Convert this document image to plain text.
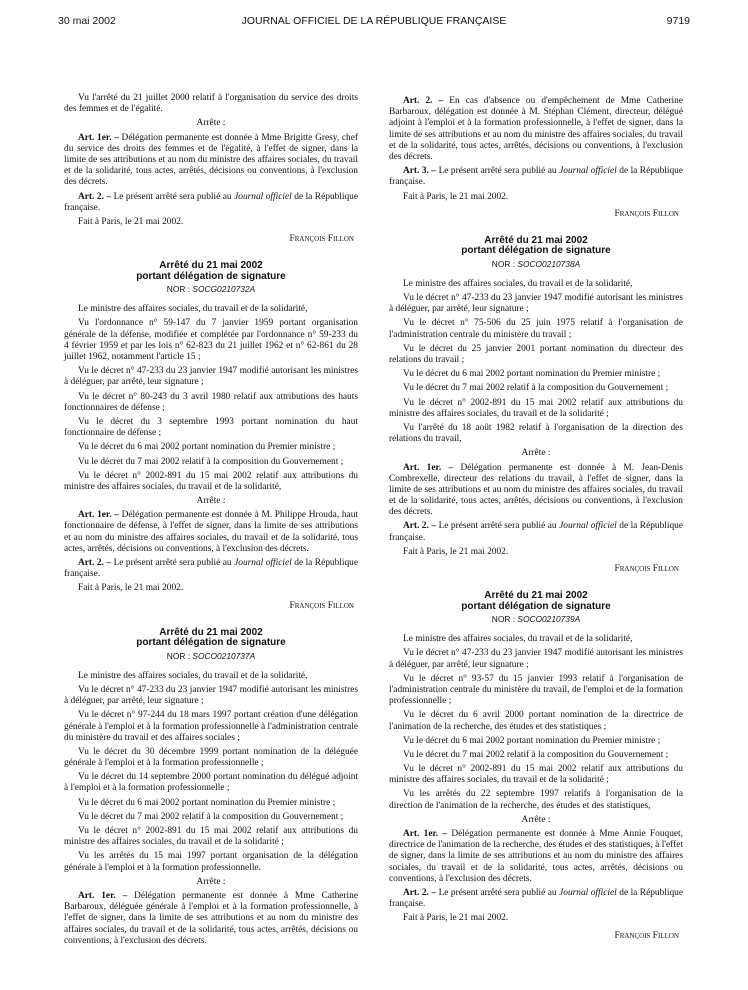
30 mai 2002	JOURNAL OFFICIEL DE LA RÉPUBLIQUE FRANÇAISE	9719

Vu l'arrêté du 21 juillet 2000 relatif à l'organisation du service des droits des femmes et de l'égalité.

Arrête :

Art. 1er. – Délégation permanente est donnée à Mme Brigitte Gresy, chef du service des droits des femmes et de l'égalité, à l'effet de signer, dans la limite de ses attributions et au nom du ministre des affaires sociales, du travail et de la solidarité, tous actes, arrêtés, décisions ou conventions, à l'exclusion des décrets.

Art. 2. – Le présent arrêté sera publié au Journal officiel de la République française.

Fait à Paris, le 21 mai 2002.

François Fillon
Arrêté du 21 mai 2002
portant délégation de signature
NOR : SOCG0210732A

Le ministre des affaires sociales, du travail et de la solidarité,

Vu l'ordonnance n° 59-147 du 7 janvier 1959 portant organisation générale de la défense, modifiée et complétée par l'ordonnance n° 59-233 du 4 février 1959 et par les lois n° 62-823 du 21 juillet 1962 et n° 62-861 du 28 juillet 1962, notamment l'article 15 ;

Vu le décret n° 47-233 du 23 janvier 1947 modifié autorisant les ministres à déléguer, par arrêté, leur signature ;

Vu le décret n° 80-243 du 3 avril 1980 relatif aux attributions des hauts fonctionnaires de défense ;

Vu le décret du 3 septembre 1993 portant nomination du haut fonctionnaire de défense ;

Vu le décret du 6 mai 2002 portant nomination du Premier ministre ;

Vu le décret du 7 mai 2002 relatif à la composition du Gouvernement ;

Vu le décret n° 2002-891 du 15 mai 2002 relatif aux attributions du ministre des affaires sociales, du travail et de la solidarité,

Arrête :

Art. 1er. – Délégation permanente est donnée à M. Philippe Hrouda, haut fonctionnaire de défense, à l'effet de signer, dans la limite de ses attributions et au nom du ministre des affaires sociales, du travail et de la solidarité, tous actes, arrêtés, décisions ou conventions, à l'exclusion des décrets.

Art. 2. – Le présent arrêté sera publié au Journal officiel de la République française.

Fait à Paris, le 21 mai 2002.

François Fillon
Arrêté du 21 mai 2002
portant délégation de signature
NOR : SOCO0210737A

Le ministre des affaires sociales, du travail et de la solidarité,

Vu le décret n° 47-233 du 23 janvier 1947 modifié autorisant les ministres à déléguer, par arrêté, leur signature ;

Vu le décret n° 97-244 du 18 mars 1997 portant création d'une délégation générale à l'emploi et à la formation professionnelle à l'administration centrale du ministère du travail et des affaires sociales ;

Vu le décret du 30 décembre 1999 portant nomination de la déléguée générale à l'emploi et à la formation professionnelle ;

Vu le décret du 14 septembre 2000 portant nomination du délégué adjoint à l'emploi et à la formation professionnelle ;

Vu le décret du 6 mai 2002 portant nomination du Premier ministre ;

Vu le décret du 7 mai 2002 relatif à la composition du Gouvernement ;

Vu le décret n° 2002-891 du 15 mai 2002 relatif aux attributions du ministre des affaires sociales, du travail et de la solidarité ;

Vu les arrêtés du 15 mai 1997 portant organisation de la délégation générale à l'emploi et à la formation professionnelle.

Arrête :

Art. 1er. – Délégation permanente est donnée à Mme Catherine Barbaroux, déléguée générale à l'emploi et à la formation professionnelle, à l'effet de signer, dans la limite de ses attributions et au nom du ministre des affaires sociales, du travail et de la solidarité, tous actes, arrêtés, décisions ou conventions, à l'exclusion des décrets.

Art. 2. – En cas d'absence ou d'empêchement de Mme Catherine Barbaroux, délégation est donnée à M. Stéphan Clément, directeur, délégué adjoint à l'emploi et à la formation professionnelle, à l'effet de signer, dans la limite de ses attributions et au nom du ministre des affaires sociales, du travail et de la solidarité, tous actes, arrêtés, décisions ou conventions, à l'exclusion des décrets.

Art. 3. – Le présent arrêté sera publié au Journal officiel de la République française.

Fait à Paris, le 21 mai 2002.

François Fillon
Arrêté du 21 mai 2002
portant délégation de signature
NOR : SOCO0210738A

Le ministre des affaires sociales, du travail et de la solidarité,

Vu le décret n° 47-233 du 23 janvier 1947 modifié autorisant les ministres à déléguer, par arrêté, leur signature ;

Vu le décret n° 75-506 du 25 juin 1975 relatif à l'organisation de l'administration centrale du ministère du travail ;

Vu le décret du 25 janvier 2001 portant nomination du directeur des relations du travail ;

Vu le décret du 6 mai 2002 portant nomination du Premier ministre ;

Vu le décret du 7 mai 2002 relatif à la composition du Gouvernement ;

Vu le décret n° 2002-891 du 15 mai 2002 relatif aux attributions du ministre des affaires sociales, du travail et de la solidarité ;

Vu l'arrêté du 18 août 1982 relatif à l'organisation de la direction des relations du travail,

Arrête :

Art. 1er. – Délégation permanente est donnée à M. Jean-Denis Combrexelle, directeur des relations du travail, à l'effet de signer, dans la limite de ses attributions et au nom du ministre des affaires sociales, du travail et de la solidarité, tous actes, arrêtés, décisions ou conventions, à l'exclusion des décrets.

Art. 2. – Le présent arrêté sera publié au Journal officiel de la République française.

Fait à Paris, le 21 mai 2002.

François Fillon
Arrêté du 21 mai 2002
portant délégation de signature
NOR : SOCO0210739A

Le ministre des affaires sociales, du travail et de la solidarité,

Vu le décret n° 47-233 du 23 janvier 1947 modifié autorisant les ministres à déléguer, par arrêté, leur signature ;

Vu le décret n° 93-57 du 15 janvier 1993 relatif à l'organisation de l'administration centrale du ministère du travail, de l'emploi et de la formation professionnelle ;

Vu le décret du 6 avril 2000 portant nomination de la directrice de l'animation de la recherche, des études et des statistiques ;

Vu le décret du 6 mai 2002 portant nomination du Premier ministre ;

Vu le décret du 7 mai 2002 relatif à la composition du Gouvernement ;

Vu le décret n° 2002-891 du 15 mai 2002 relatif aux attributions du ministre des affaires sociales, du travail et de la solidarité ;

Vu les arrêtés du 22 septembre 1997 relatifs à l'organisation de la direction de l'animation de la recherche, des études et des statistiques,

Arrête :

Art. 1er. – Délégation permanente est donnée à Mme Annie Fouquet, directrice de l'animation de la recherche, des études et des statistiques, à l'effet de signer, dans la limite de ses attributions et au nom du ministre des affaires sociales, du travail et de la solidarité, tous actes, arrêtés, décisions ou conventions, à l'exclusion des décrets.

Art. 2. – Le présent arrêté sera publié au Journal officiel de la République française.

Fait à Paris, le 21 mai 2002.

François Fillon
